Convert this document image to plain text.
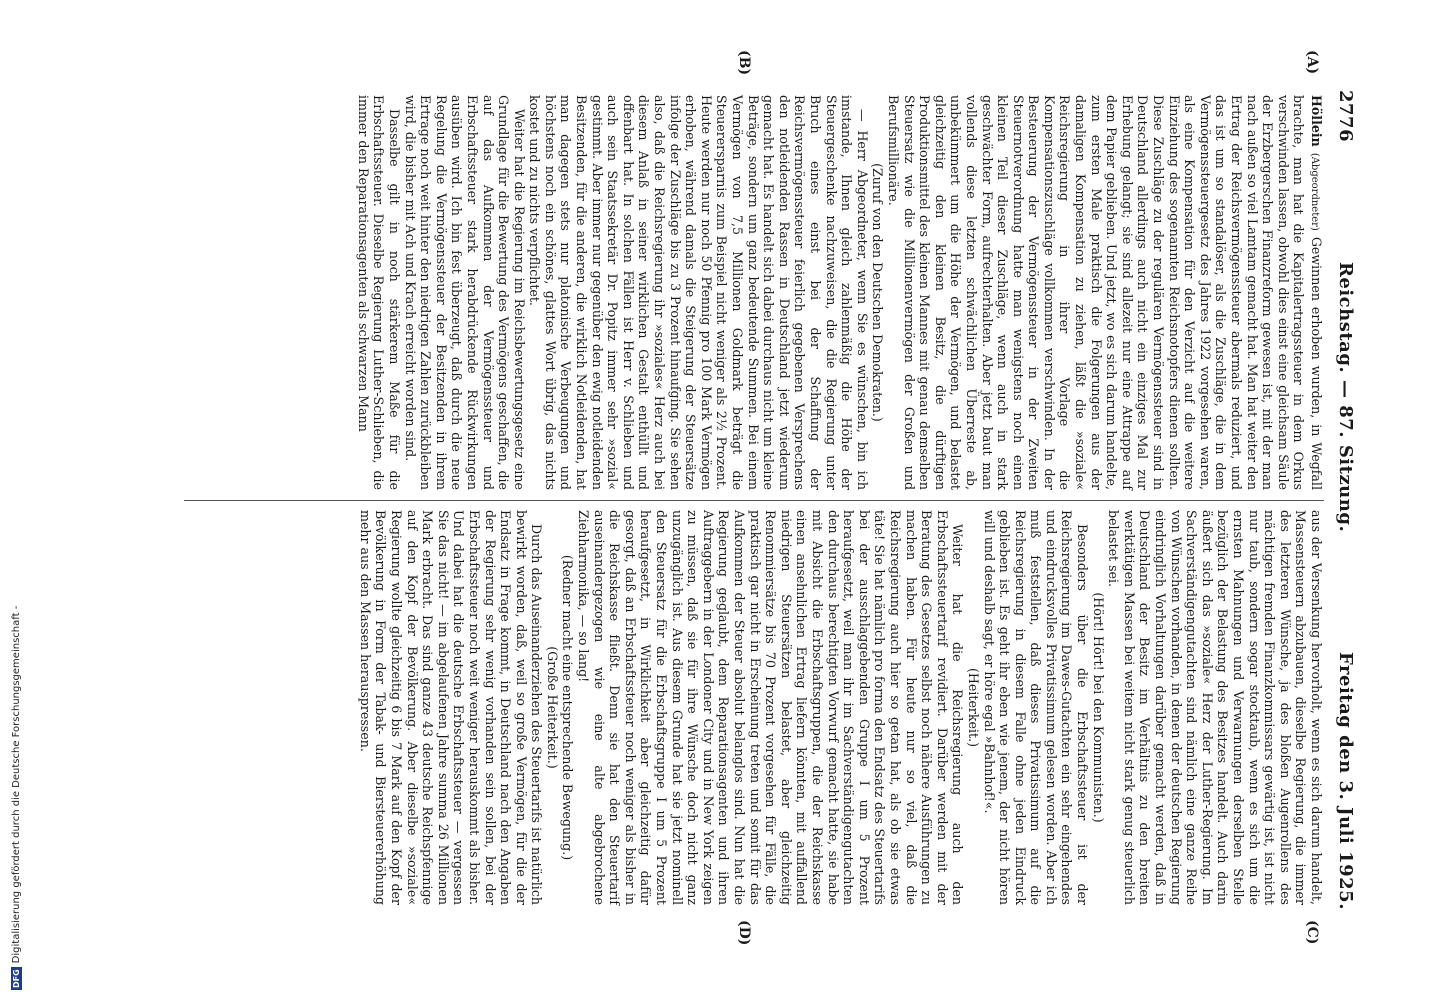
DFG
Digitalisierung gefördert durch die Deutsche Forschungsgemeinschaft -
2776
Reichstag. — 87. Sitzung.
Freitag den 3. Juli 1925.
(A)
(B)
(C)
(D)

Höllein (Abgeordneter) Gewinnen erhoben wurden, in Wegfall brachte, man hat die Kapitalertragssteuer in dem Orkus verschwinden lassen, obwohl dies einst eine gleichsam Säule der Erzbergerschen Finanzreform gewesen ist, mit der man nach außen so viel Lamtam gemacht hat. Man hat weiter den Ertrag der Reichsvermögenssteuer abermals reduziert, und das ist um so standalöser, als die Zuschläge, die in dem Vermögenssteuergesetz des Jahres 1922 vorgesehen waren, als eine Kompensation für den Verzicht auf die weitere Einziehung des sogenannten Reichsnotopfers dienen sollten. Diese Zuschläge zu der regulären Vermögenssteuer sind in Deutschland allerdings auch nicht ein einziges Mal zur Erhebung gelangt; sie sind allezeit nur eine Attrappe auf dem Papier geblieben. Und jetzt, wo es sich darum handelte, zum ersten Male praktisch die Folgerungen aus der damaligen Kompensation zu ziehen, läßt die »soziale« Reichsregierung in ihrer Vorlage die Kompensationszuschläge vollkommen verschwinden. In der Besteuerung der Vermögenssteuer in der Zweiten Steuernotverordnung hatte man wenigstens noch einen kleinen Teil dieser Zuschläge, wenn auch in stark geschwächter Form, aufrechterhalten. Aber jetzt baut man vollends diese letzten schwächlichen Überreste ab, unbekümmert um die Höhe der Vermögen, und belastet gleichzeitig den kleinen Besitz, die dürftigen Produktionsmittel des kleinen Mannes mit genau demselben Steuersatz wie die Millionenvermögen der Großen und Berufsmillionäre.

(Zuruf von den Deutschen Demokraten.)

— Herr Abgeordneter, wenn Sie es wünschen, bin ich imstande, Ihnen gleich zahlenmäßig die Höhe der Steuergeschenke nachzuweisen, die die Regierung unter Bruch eines einst bei der Schaffung der Reichsvermögenssteuer feierlich gegebenen Versprechens den notleidenden Rassen in Deutschland jetzt wiederum gemacht hat. Es handelt sich dabei durchaus nicht um kleine Beträge, sondern um ganz bedeutende Summen. Bei einem Vermögen von 7,5 Millionen Goldmark beträgt die Steuerersparnis zum Beispiel nicht weniger als 2½ Prozent. Heute werden nur noch 50 Pfennig pro 100 Mark Vermögen erhoben, während damals die Steigerung der Steuersätze infolge der Zuschläge bis zu 3 Prozent hinaufging. Sie sehen also, daß die Reichsregierung ihr »soziales« Herz auch bei diesem Anlaß in seiner wirklichen Gestalt enthüllt und offenbart hat. In solchen Fällen ist Herr v. Schlieben und auch sein Staatssekretär Dr. Popitz immer sehr »sozial« gestimmt. Aber immer nur gegenüber den ewig notleidenden Besitzenden, für die anderen, die wirklich Notleidenden, hat man dagegen stets nur platonische Verbeugungen und höchstens noch ein schönes, glattes Wort übrig, das nichts kostet und zu nichts verpflichtet.

Weiter hat die Regierung im Reichsbewertungsgesetz eine Grundlage für die Bewertung des Vermögens geschaffen, die auf das Aufkommen der Vermögenssteuer und Erbschaftssteuer stark herabdrückende Rückwirkungen ausüben wird. Ich bin fest überzeugt, daß durch die neue Regelung die Vermögenssteuer der Besitzenden in ihrem Ertrage noch weit hinter den niedrigen Zahlen zurückbleiben wird, die bisher mit Ach und Krach erreicht worden sind.

Dasselbe gilt in noch stärkerem Maße für die Erbschaftssteuer. Dieselbe Regierung Luther-Schlieben, die immer den Reparationsagenten als schwarzen Mann

aus der Versenkung hervorholt, wenn es sich darum handelt, Massensteuern abzubauen, dieselbe Regierung, die immer des letzteren Wünsche, ja des bloßen Augenrollens des mächtigen fremden Finanzkommissars gewärtig ist, ist nicht nur taub, sondern sogar stocktaub, wenn es sich um die ernsten Mahnungen und Verwarnungen derselben Stelle bezüglich der Belastung des Besitzes handelt. Auch darin äußert sich das »soziale« Herz der Luther-Regierung. Im Sachverständigengutachten sind nämlich eine ganze Reihe von Wünschen vorhanden, in denen der deutschen Regierung eindringlich Vorhaltungen darüber gemacht werden, daß in Deutschland der Besitz im Verhältnis zu den breiten werktätigen Massen bei weitem nicht stark genug steuerlich belastet sei.

(Hört! Hört! bei den Kommunisten.)

Besonders über die Erbschaftssteuer ist der Reichsregierung im Dawes-Gutachten ein sehr eingehendes und eindrucksvolles Privatissimum gelesen worden. Aber ich muß feststellen, daß dieses Privatissimum auf die Reichsregierung in diesem Falle ohne jeden Eindruck geblieben ist. Es geht ihr eben wie jenem, der nicht hören will und deshalb sagt, er höre egal »Bahnhof!«.

(Heiterkeit.)

Weiter hat die Reichsregierung auch den Erbschaftssteuertarif revidiert. Darüber werden mit der Beratung des Gesetzes selbst noch nähere Ausführungen zu machen haben. Für heute nur so viel, daß die Reichsregierung auch hier so getan hat, als ob sie etwas täte! Sie hat nämlich pro forma den Endsatz des Steuertarifs bei der ausschlaggebenden Gruppe I um 5 Prozent heraufgesetzt, weil man ihr im Sachverständigengutachten den durchaus berechtigten Vorwurf gemacht hatte, sie habe mit Absicht die Erbschaftsgruppen, die der Reichskasse einen ansehnlichen Ertrag liefern könnten, mit auffallend niedrigen Steuersätzen belastet, aber gleichzeitig Renommiersätze bis 70 Prozent vorgesehen für Fälle, die praktisch gar nicht in Erscheinung treten und somit für das Aufkommen der Steuer absolut belanglos sind. Nun hat die Regierung geglaubt, dem Reparationsagenten und ihren Auftraggebern in der Londoner City und in New York zeigen zu müssen, daß sie für ihre Wünsche doch nicht ganz unzugänglich ist. Aus diesem Grunde hat sie jetzt nominell den Steuersatz für die Erbschaftsgruppe I um 5 Prozent heraufgesetzt, in Wirklichkeit aber gleichzeitig dafür gesorgt, daß an Erbschaftssteuer noch weniger als bisher in die Reichskasse fließt. Denn sie hat den Steuertarif auseinandergezogen wie eine alte abgebrochene Ziehharmonika, — so lang!

(Redner macht eine entsprechende Bewegung.)

(Große Heiterkeit.)

Durch das Auseinanderziehen des Steuertarifs ist natürlich bewirkt worden, daß, weil so große Vermögen, für die der Endsatz in Frage kommt, in Deutschland nach den Angaben der Regierung sehr wenig vorhanden sein sollen, bei der Erbschaftssteuer noch weit weniger herauskommt als bisher. Und dabei hat die deutsche Erbschaftssteuer — vergessen Sie das nicht! — im abgelaufenen Jahre summa 26 Millionen Mark erbracht. Das sind ganze 43 deutsche Reichspfennige auf den Kopf der Bevölkerung. Aber dieselbe »soziale« Regierung wollte gleichzeitig 6 bis 7 Mark auf den Kopf der Bevölkerung in Form der Tabak- und Biersteuererhöhung mehr aus den Massen herauspressen.
